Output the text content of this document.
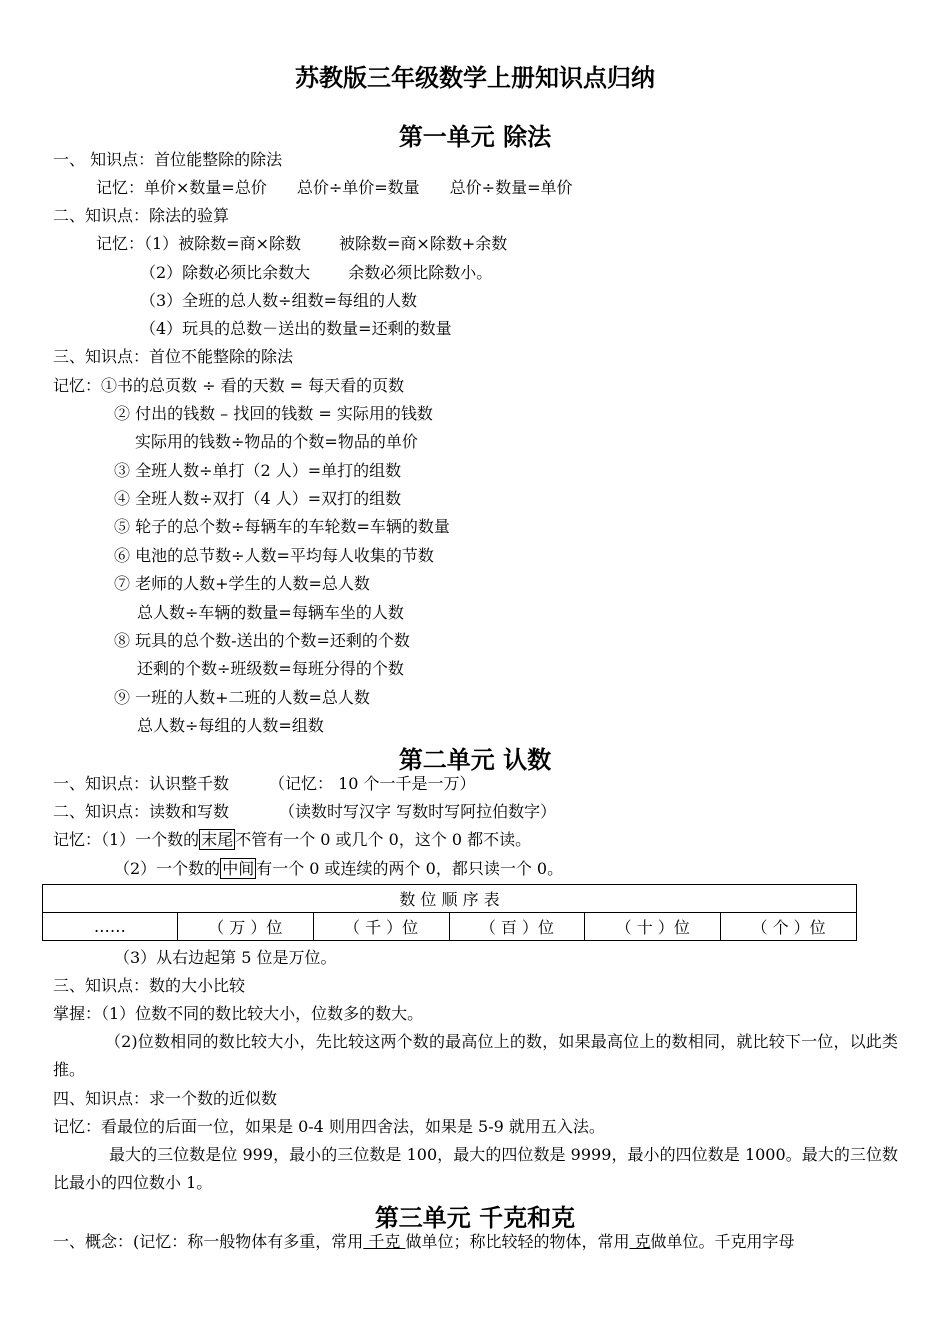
苏教版三年级数学上册知识点归纳
第一单元 除法
一、 知识点：首位能整除的除法
记忆：单价×数量=总价 总价÷单价=数量 总价÷数量=单价
二、知识点：除法的验算
记忆：（1）被除数=商×除数 被除数=商×除数+余数
（2）除数必须比余数大 余数必须比除数小。
（3）全班的总人数÷组数=每组的人数
（4）玩具的总数－送出的数量=还剩的数量
三、知识点：首位不能整除的除法
记忆：①书的总页数 ÷ 看的天数 = 每天看的页数
② 付出的钱数 – 找回的钱数 = 实际用的钱数
实际用的钱数÷物品的个数=物品的单价
③ 全班人数÷单打（2 人）=单打的组数
④ 全班人数÷双打（4 人）=双打的组数
⑤ 轮子的总个数÷每辆车的车轮数=车辆的数量
⑥ 电池的总节数÷人数=平均每人收集的节数
⑦ 老师的人数+学生的人数=总人数
总人数÷车辆的数量=每辆车坐的人数
⑧ 玩具的总个数-送出的个数=还剩的个数
还剩的个数÷班级数=每班分得的个数
⑨ 一班的人数+二班的人数=总人数
总人数÷每组的人数=组数
第二单元 认数
一、知识点：认识整千数	（记忆： 10 个一千是一万）
二、知识点：读数和写数	（读数时写汉字 写数时写阿拉伯数字）
记忆：（1）一个数的 末尾 不管有一个 0 或几个 0，这个 0 都不读。
（2）一个数的 中间 有一个 0 或连续的两个 0，都只读一个 0。
数 位 顺 序 表
……	（ 万 ）位	（ 千 ）位	（ 百 ）位	（ 十 ）位	（ 个 ）位
（3）从右边起第 5 位是万位。
三、知识点：数的大小比较
掌握：（1）位数不同的数比较大小，位数多的数大。
（2)位数相同的数比较大小，先比较这两个数的最高位上的数，如果最高位上的数相同，就比较下一位，以此类推。
四、知识点：求一个数的近似数
记忆：看最位的后面一位，如果是 0-4 则用四舍法，如果是 5-9 就用五入法。
最大的三位数是位 999，最小的三位数是 100，最大的四位数是 9999，最小的四位数是 1000。最大的三位数比最小的四位数小 1。
第三单元 千克和克
一、概念：(记忆：称一般物体有多重，常用 千克 做单位；称比较轻的物体，常用 克做单位。千克用字母
